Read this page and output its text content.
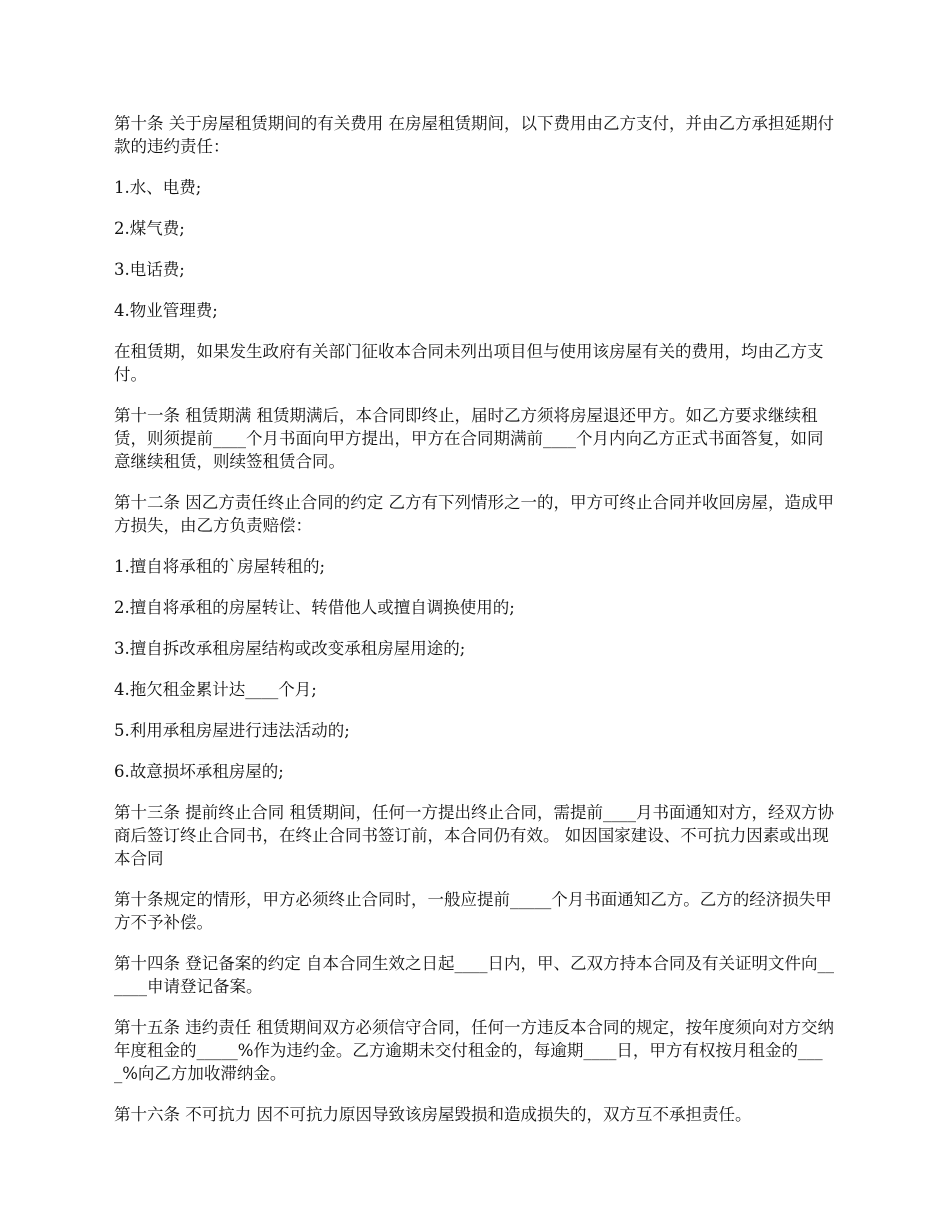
第十条 关于房屋租赁期间的有关费用 在房屋租赁期间，以下费用由乙方支付，并由乙方承担延期付款的违约责任：

1.水、电费;

2.煤气费;

3.电话费;

4.物业管理费;

在租赁期，如果发生政府有关部门征收本合同未列出项目但与使用该房屋有关的费用，均由乙方支付。

第十一条 租赁期满 租赁期满后，本合同即终止，届时乙方须将房屋退还甲方。如乙方要求继续租赁，则须提前____个月书面向甲方提出，甲方在合同期满前____个月内向乙方正式书面答复，如同意继续租赁，则续签租赁合同。

第十二条 因乙方责任终止合同的约定 乙方有下列情形之一的，甲方可终止合同并收回房屋，造成甲方损失，由乙方负责赔偿：

1.擅自将承租的`房屋转租的;

2.擅自将承租的房屋转让、转借他人或擅自调换使用的;

3.擅自拆改承租房屋结构或改变承租房屋用途的;

4.拖欠租金累计达____个月;

5.利用承租房屋进行违法活动的;

6.故意损坏承租房屋的;

第十三条 提前终止合同 租赁期间，任何一方提出终止合同，需提前____月书面通知对方，经双方协商后签订终止合同书，在终止合同书签订前，本合同仍有效。 如因国家建设、不可抗力因素或出现本合同

第十条规定的情形，甲方必须终止合同时，一般应提前_____个月书面通知乙方。乙方的经济损失甲方不予补偿。

第十四条 登记备案的约定 自本合同生效之日起____日内，甲、乙双方持本合同及有关证明文件向______申请登记备案。

第十五条 违约责任 租赁期间双方必须信守合同，任何一方违反本合同的规定，按年度须向对方交纳年度租金的_____%作为违约金。乙方逾期未交付租金的，每逾期____日，甲方有权按月租金的____%向乙方加收滞纳金。

第十六条 不可抗力 因不可抗力原因导致该房屋毁损和造成损失的，双方互不承担责任。
